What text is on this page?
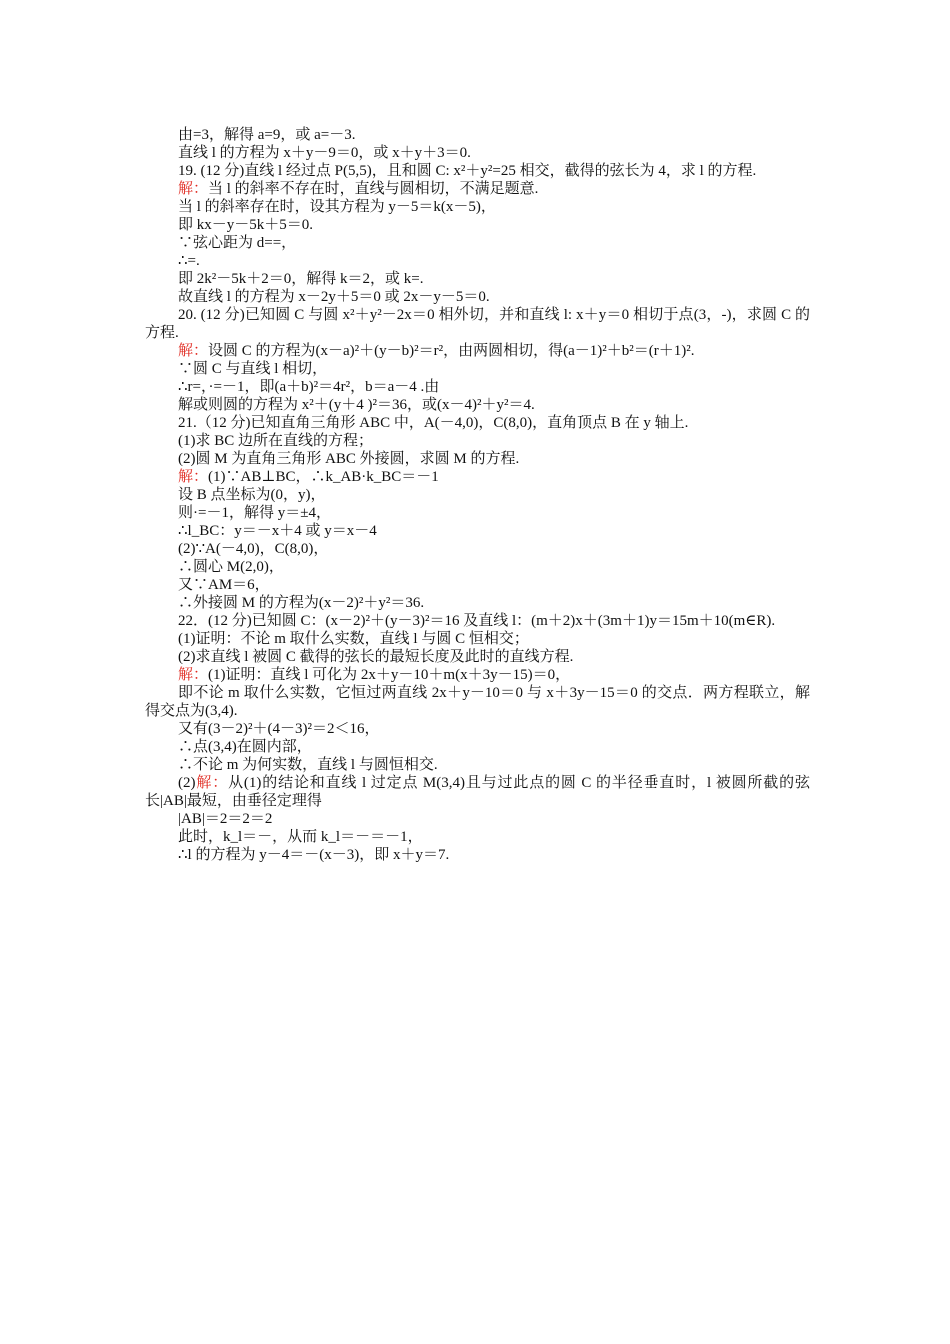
由=3，解得 a=9，或 a=－3.
直线 l 的方程为 x＋y－9＝0，或 x＋y＋3＝0.
19. (12 分)直线 l 经过点 P(5,5)，且和圆 C: x²＋y²=25 相交，截得的弦长为 4，求 l 的方程.
解：当 l 的斜率不存在时，直线与圆相切，不满足题意.
当 l 的斜率存在时，设其方程为 y－5＝k(x－5)，
即 kx－y－5k＋5＝0.
∵弦心距为 d==，
∴=.
即 2k²－5k＋2＝0，解得 k＝2，或 k=.
故直线 l 的方程为 x－2y＋5＝0 或 2x－y－5＝0.
20. (12 分)已知圆 C 与圆 x²＋y²－2x＝0 相外切，并和直线 l: x＋y＝0 相切于点(3，-)，求圆 C 的方程.
解：设圆 C 的方程为(x－a)²＋(y－b)²＝r²，由两圆相切，得(a－1)²＋b²＝(r＋1)².
∵圆 C 与直线 l 相切，
∴r=，·=－1，即(a＋b)²＝4r²，b＝a－4 .由
解或则圆的方程为 x²＋(y＋4 )²＝36，或(x－4)²＋y²＝4.
21.（12 分)已知直角三角形 ABC 中，A(－4,0)，C(8,0)，直角顶点 B 在 y 轴上.
(1)求 BC 边所在直线的方程；
(2)圆 M 为直角三角形 ABC 外接圆，求圆 M 的方程.
解：(1)∵AB⊥BC，∴k_AB·k_BC＝－1
设 B 点坐标为(0，y)，
则·=－1，解得 y＝±4，
∴l_BC：y＝－x＋4 或 y＝x－4
(2)∵A(－4,0)，C(8,0)，
∴圆心 M(2,0)，
又∵AM＝6，
∴外接圆 M 的方程为(x－2)²＋y²＝36.
22．(12 分)已知圆 C：(x－2)²＋(y－3)²＝16 及直线 l：(m＋2)x＋(3m＋1)y＝15m＋10(m∈R).
(1)证明：不论 m 取什么实数，直线 l 与圆 C 恒相交；
(2)求直线 l 被圆 C 截得的弦长的最短长度及此时的直线方程.
解：(1)证明：直线 l 可化为 2x＋y－10＋m(x＋3y－15)＝0，
即不论 m 取什么实数，它恒过两直线 2x＋y－10＝0 与 x＋3y－15＝0 的交点．两方程联立，解得交点为(3,4).
又有(3－2)²＋(4－3)²＝2＜16，
∴点(3,4)在圆内部，
∴不论 m 为何实数，直线 l 与圆恒相交.
(2)解：从(1)的结论和直线 l 过定点 M(3,4)且与过此点的圆 C 的半径垂直时，l 被圆所截的弦长|AB|最短，由垂径定理得
|AB|＝2＝2＝2
此时，k_l＝－，从而 k_l＝－＝－1，
∴l 的方程为 y－4＝－(x－3)，即 x＋y＝7.
